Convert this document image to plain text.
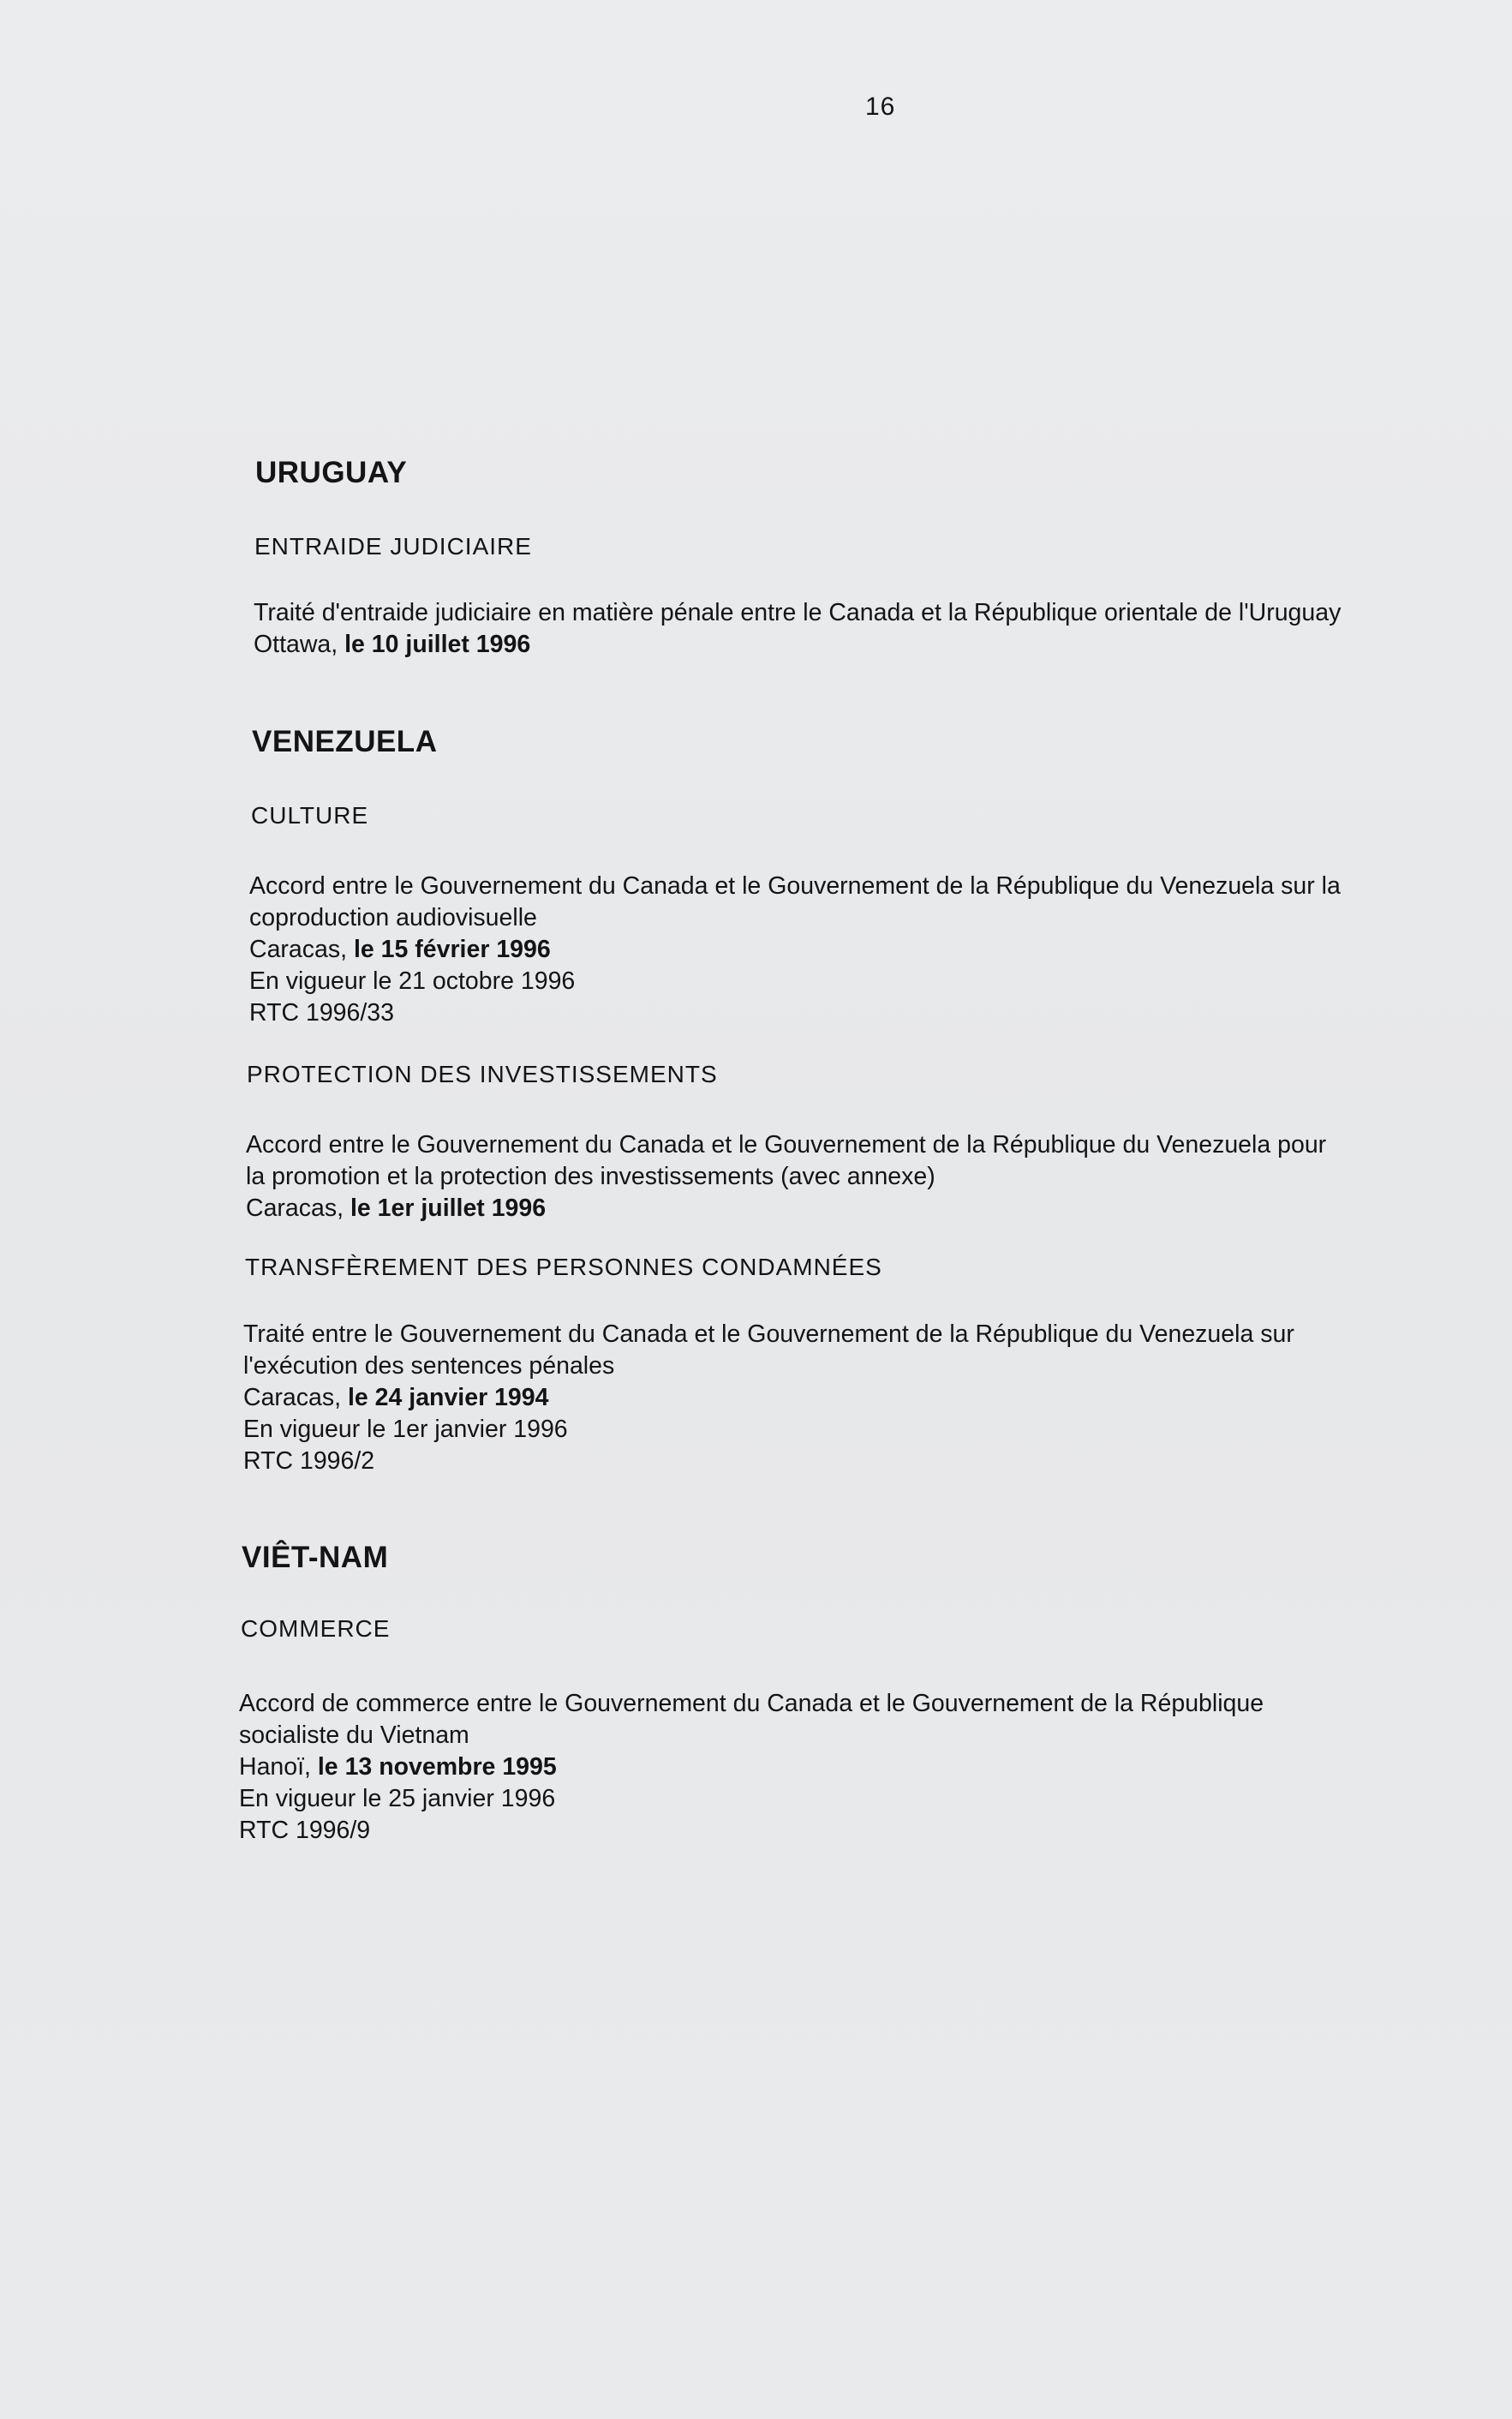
16
URUGUAY
ENTRAIDE JUDICIAIRE

Traité d'entraide judiciaire en matière pénale entre le Canada et la République orientale de l'Uruguay

Ottawa, le 10 juillet 1996

VENEZUELA
CULTURE

Accord entre le Gouvernement du Canada et le Gouvernement de la République du Venezuela sur la

coproduction audiovisuelle

Caracas, le 15 février 1996

En vigueur le 21 octobre 1996

RTC 1996/33

PROTECTION DES INVESTISSEMENTS

Accord entre le Gouvernement du Canada et le Gouvernement de la République du Venezuela pour

la promotion et la protection des investissements (avec annexe)

Caracas, le 1er juillet 1996

TRANSFÈREMENT DES PERSONNES CONDAMNÉES

Traité entre le Gouvernement du Canada et le Gouvernement de la République du Venezuela sur

l'exécution des sentences pénales

Caracas, le 24 janvier 1994

En vigueur le 1er janvier 1996

RTC 1996/2

VIÊT-NAM
COMMERCE

Accord de commerce entre le Gouvernement du Canada et le Gouvernement de la République

socialiste du Vietnam

Hanoï, le 13 novembre 1995

En vigueur le 25 janvier 1996

RTC 1996/9
